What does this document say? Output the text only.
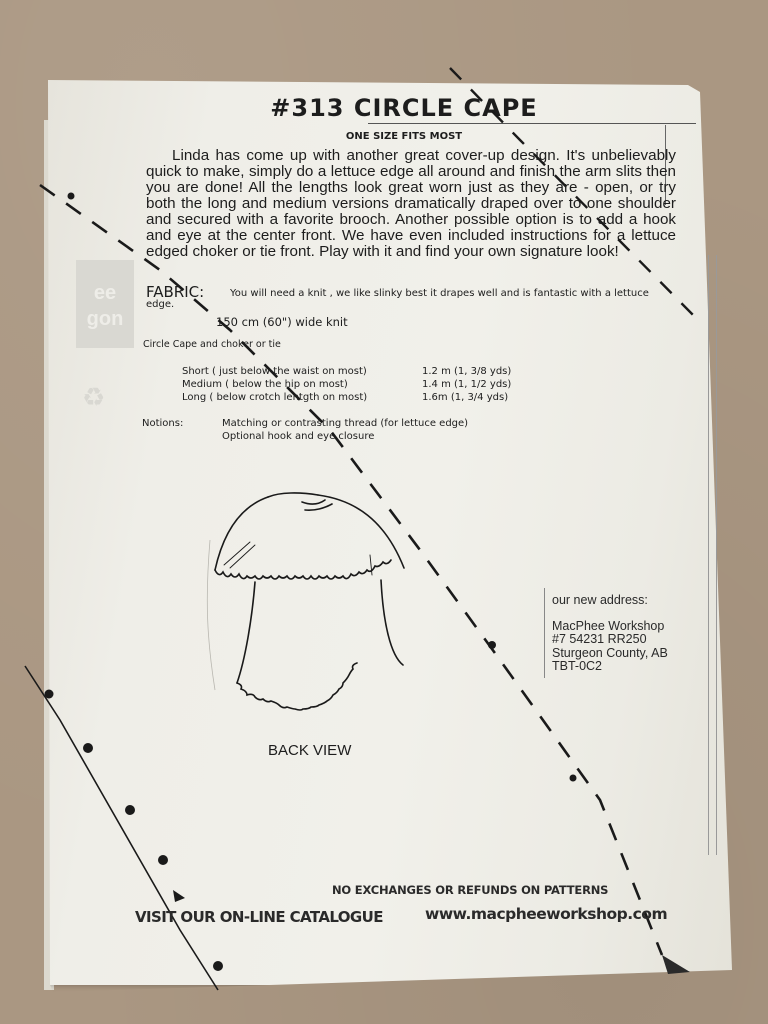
#313 CIRCLE CAPE
ONE SIZE FITS MOST
Linda has come up with another great cover-up design. It's unbelievably quick to make, simply do a lettuce edge all around and finish the arm slits then you are done! All the lengths look great worn just as they are - open, or try both the long and medium versions dramatically draped over to one shoulder and secured with a favorite brooch. Another possible option is to add a hook and eye at the center front. We have even included instructions for a lettuce edged choker or tie front. Play with it and find your own signature look!
ee
gon
♻
FABRIC:	You will need a knit , we like slinky best it drapes well and is fantastic with a lettuce
edge.
150 cm (60") wide knit
Circle Cape and choker or tie
Short ( just below the waist on most)	1.2 m (1, 3/8 yds)
Medium ( below the hip on most)	1.4 m (1, 1/2 yds)
Long ( below crotch lentgth on most)	1.6m (1, 3/4 yds)
Notions:	Matching or contrasting thread (for lettuce edge)
Optional hook and eye closure
BACK VIEW
our new address:
MacPhee Workshop
#7 54231 RR250
Sturgeon County, AB
TBT-0C2
NO EXCHANGES OR REFUNDS ON PATTERNS
VISIT OUR ON-LINE CATALOGUE	www.macpheeworkshop.com
